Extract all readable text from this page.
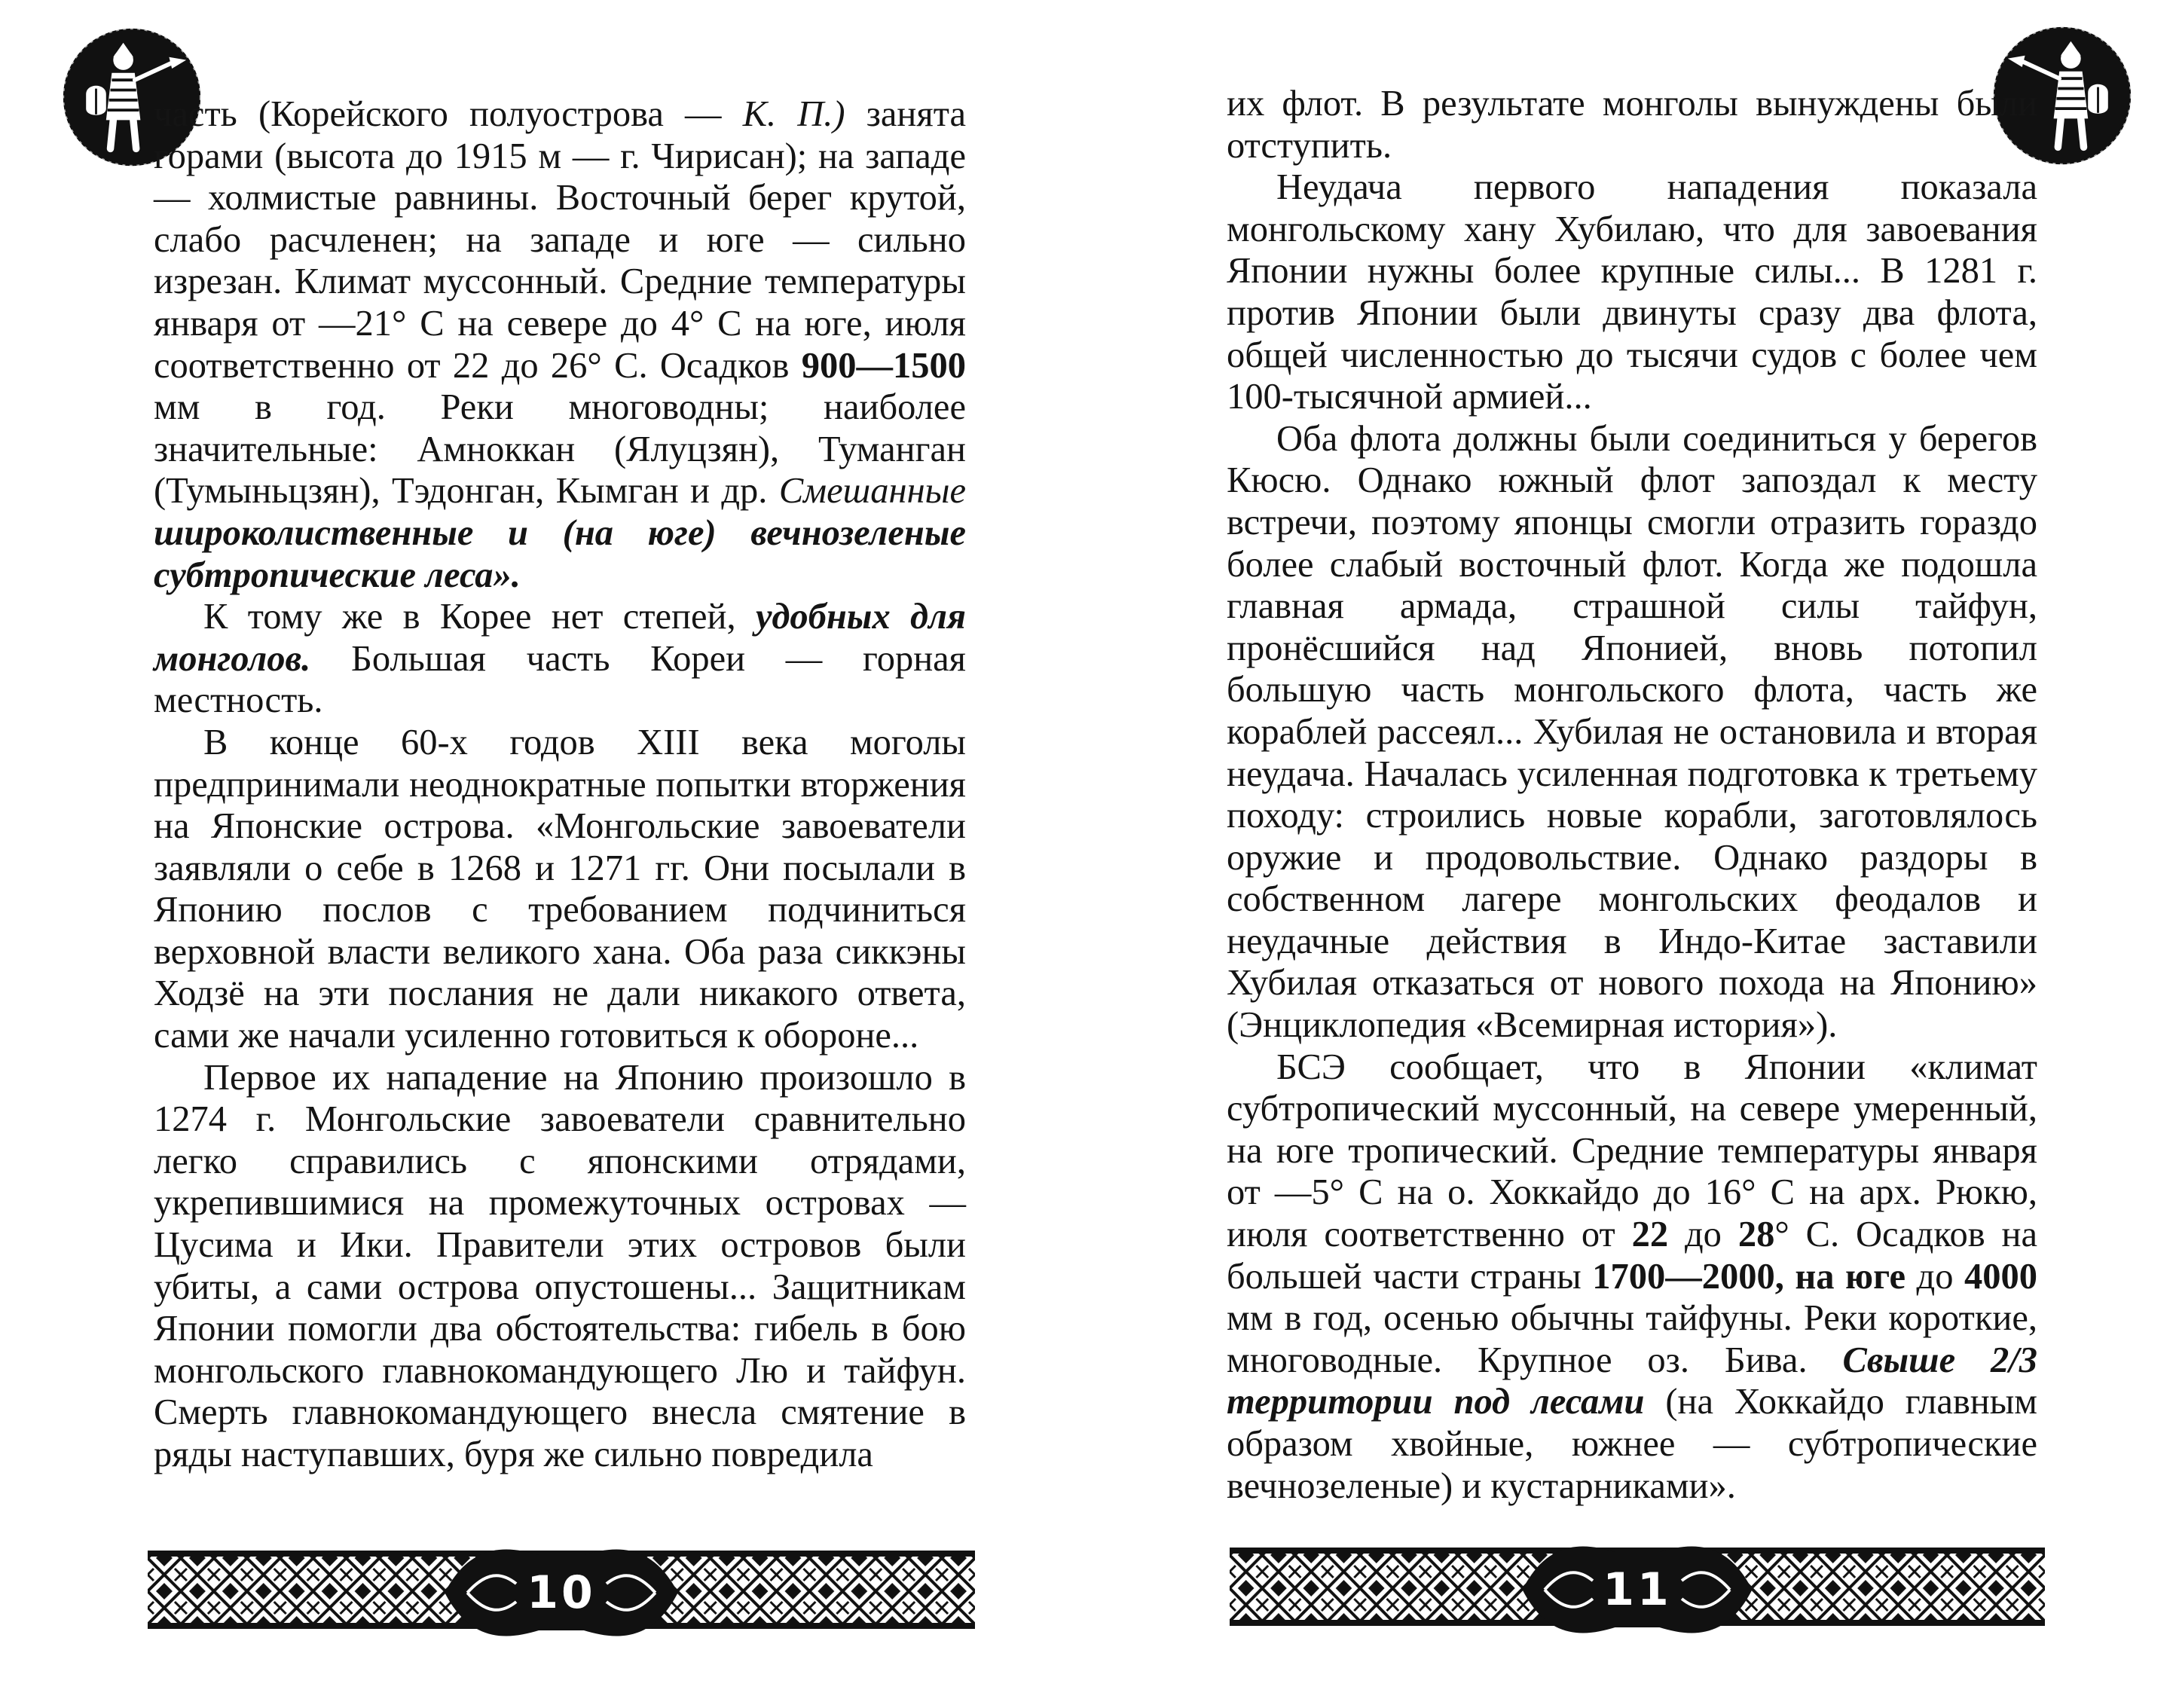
часть (Корейского полуострова — К. П.) занята горами (высота до 1915 м — г. Чирисан); на западе — холмистые равнины. Восточный берег крутой, слабо расчленен; на западе и юге — сильно изрезан. Климат муссонный. Средние температуры января от —21° С на севере до 4° С на юге, июля соответственно от 22 до 26° С. Осадков 900—1500 мм в год. Реки многоводны; наиболее значительные: Амноккан (Ялуцзян), Туманган (Тумыньцзян), Тэдонган, Кымган и др. Смешанные широколиственные и (на юге) вечнозеленые субтропические леса».

К тому же в Корее нет степей, удобных для монголов. Большая часть Кореи — горная местность.

В конце 60-х годов XIII века моголы предпринимали неоднократные попытки вторжения на Японские острова. «Монгольские завоеватели заявляли о себе в 1268 и 1271 гг. Они посылали в Японию послов с требованием подчиниться верховной власти великого хана. Оба раза сиккэны Ходзё на эти послания не дали никакого ответа, сами же начали усиленно готовиться к обороне...

Первое их нападение на Японию произошло в 1274 г. Монгольские завоеватели сравнительно легко справились с японскими отрядами, укрепившимися на промежуточных островах — Цусима и Ики. Правители этих островов были убиты, а сами острова опустошены... Защитникам Японии помогли два обстоятельства: гибель в бою монгольского главнокомандующего Лю и тайфун. Смерть главнокомандующего внесла смятение в ряды наступавших, буря же сильно повредила

10

их флот. В результате монголы вынуждены были отступить.

Неудача первого нападения показала монгольскому хану Хубилаю, что для завоевания Японии нужны более крупные силы... В 1281 г. против Японии были двинуты сразу два флота, общей численностью до тысячи судов с более чем 100-тысячной армией...

Оба флота должны были соединиться у берегов Кюсю. Однако южный флот запоздал к месту встречи, поэтому японцы смогли отразить гораздо более слабый восточный флот. Когда же подошла главная армада, страшной силы тайфун, пронёсшийся над Японией, вновь потопил большую часть монгольского флота, часть же кораблей рассеял... Хубилая не остановила и вторая неудача. Началась усиленная подготовка к третьему походу: строились новые корабли, заготовлялось оружие и продовольствие. Однако раздоры в собственном лагере монгольских феодалов и неудачные действия в Индо-Китае заставили Хубилая отказаться от нового похода на Японию» (Энциклопедия «Всемирная история»).

БСЭ сообщает, что в Японии «климат субтропический муссонный, на севере умеренный, на юге тропический. Средние температуры января от —5° С на о. Хоккайдо до 16° С на арх. Рюкю, июля соответственно от 22 до 28° С. Осадков на большей части страны 1700—2000, на юге до 4000 мм в год, осенью обычны тайфуны. Реки короткие, многоводные. Крупное оз. Бива. Свыше 2/3 территории под лесами (на Хоккайдо главным образом хвойные, южнее — субтропические вечнозеленые) и кустарниками».

11
